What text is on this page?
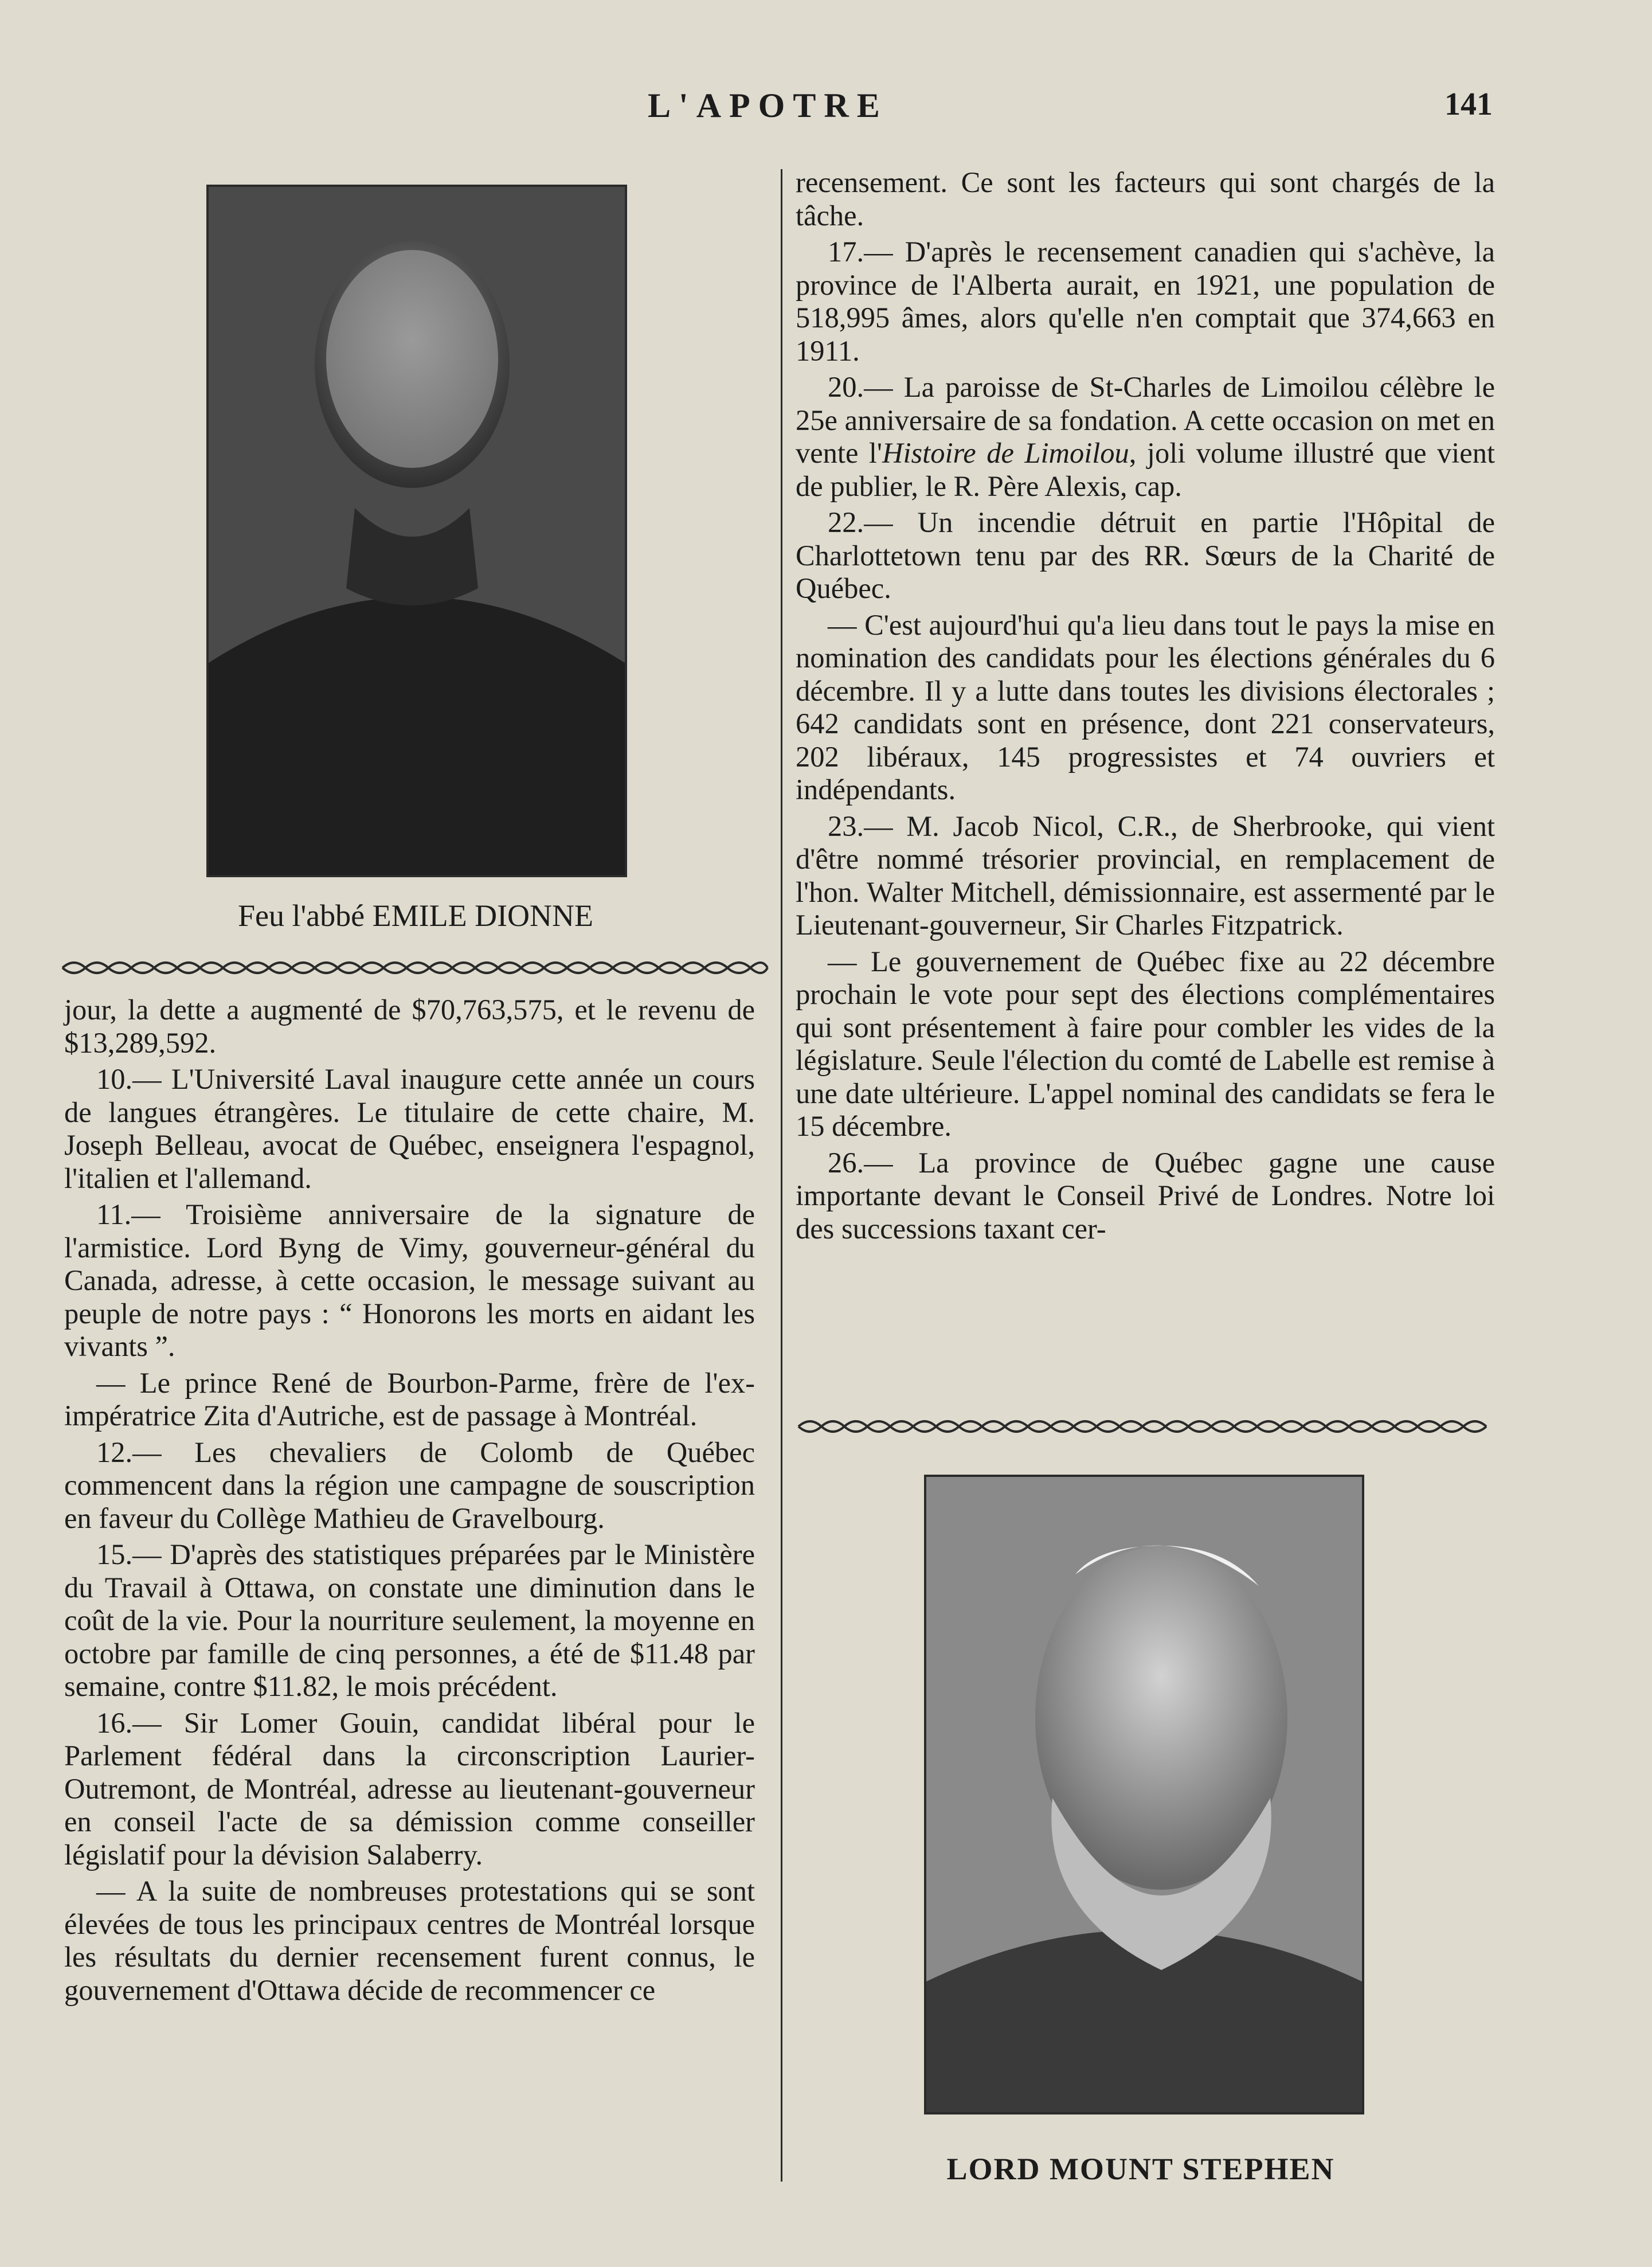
L'APOTRE	141
Feu l'abbé EMILE DIONNE

jour, la dette a augmenté de $70,763,575, et le revenu de $13,289,592.

10.— L'Université Laval inaugure cette année un cours de langues étrangères. Le titulaire de cette chaire, M. Joseph Belleau, avocat de Québec, enseignera l'espagnol, l'italien et l'allemand.

11.— Troisième anniversaire de la signature de l'armistice. Lord Byng de Vimy, gouverneur-général du Canada, adresse, à cette occasion, le message suivant au peuple de notre pays : “ Honorons les morts en aidant les vivants ”.

— Le prince René de Bourbon-Parme, frère de l'ex-impératrice Zita d'Autriche, est de passage à Montréal.

12.— Les chevaliers de Colomb de Québec commencent dans la région une campagne de souscription en faveur du Collège Mathieu de Gravelbourg.

15.— D'après des statistiques préparées par le Ministère du Travail à Ottawa, on constate une diminution dans le coût de la vie. Pour la nourriture seulement, la moyenne en octobre par famille de cinq personnes, a été de $11.48 par semaine, contre $11.82, le mois précédent.

16.— Sir Lomer Gouin, candidat libéral pour le Parlement fédéral dans la circonscription Laurier-Outremont, de Montréal, adresse au lieutenant-gouverneur en conseil l'acte de sa démission comme conseiller législatif pour la dévision Salaberry.

— A la suite de nombreuses protestations qui se sont élevées de tous les principaux centres de Montréal lorsque les résultats du dernier recensement furent connus, le gouvernement d'Ottawa décide de recommencer ce

recensement. Ce sont les facteurs qui sont chargés de la tâche.

17.— D'après le recensement canadien qui s'achève, la province de l'Alberta aurait, en 1921, une population de 518,995 âmes, alors qu'elle n'en comptait que 374,663 en 1911.

20.— La paroisse de St-Charles de Limoilou célèbre le 25e anniversaire de sa fondation. A cette occasion on met en vente l'Histoire de Limoilou, joli volume illustré que vient de publier, le R. Père Alexis, cap.

22.— Un incendie détruit en partie l'Hôpital de Charlottetown tenu par des RR. Sœurs de la Charité de Québec.

— C'est aujourd'hui qu'a lieu dans tout le pays la mise en nomination des candidats pour les élections générales du 6 décembre. Il y a lutte dans toutes les divisions électorales ; 642 candidats sont en présence, dont 221 conservateurs, 202 libéraux, 145 progressistes et 74 ouvriers et indépendants.

23.— M. Jacob Nicol, C.R., de Sherbrooke, qui vient d'être nommé trésorier provincial, en remplacement de l'hon. Walter Mitchell, démissionnaire, est assermenté par le Lieutenant-gouverneur, Sir Charles Fitzpatrick.

— Le gouvernement de Québec fixe au 22 décembre prochain le vote pour sept des élections complémentaires qui sont présentement à faire pour combler les vides de la législature. Seule l'élection du comté de Labelle est remise à une date ultérieure. L'appel nominal des candidats se fera le 15 décembre.

26.— La province de Québec gagne une cause importante devant le Conseil Privé de Londres. Notre loi des successions taxant cer-

LORD MOUNT STEPHEN
